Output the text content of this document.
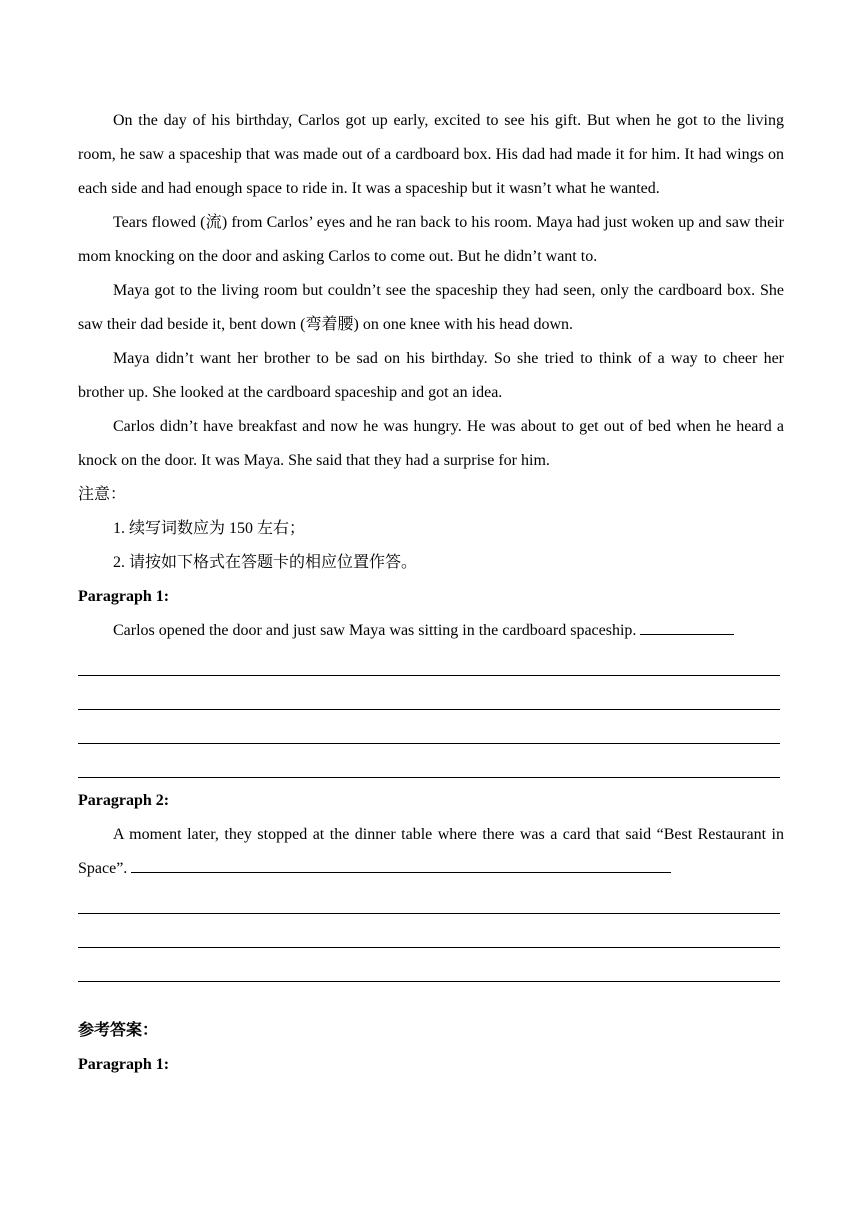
On the day of his birthday, Carlos got up early, excited to see his gift. But when he got to the living room, he saw a spaceship that was made out of a cardboard box. His dad had made it for him. It had wings on each side and had enough space to ride in. It was a spaceship but it wasn’t what he wanted.

Tears flowed (流) from Carlos’ eyes and he ran back to his room. Maya had just woken up and saw their mom knocking on the door and asking Carlos to come out. But he didn’t want to.

Maya got to the living room but couldn’t see the spaceship they had seen, only the cardboard box. She saw their dad beside it, bent down (弯着腰) on one knee with his head down.

Maya didn’t want her brother to be sad on his birthday. So she tried to think of a way to cheer her brother up. She looked at the cardboard spaceship and got an idea.

Carlos didn’t have breakfast and now he was hungry. He was about to get out of bed when he heard a knock on the door. It was Maya. She said that they had a surprise for him.

注意：

1. 续写词数应为 150 左右；

2. 请按如下格式在答题卡的相应位置作答。

Paragraph 1:

Carlos opened the door and just saw Maya was sitting in the cardboard spaceship.

Paragraph 2:

A moment later, they stopped at the dinner table where there was a card that said “Best Restaurant in Space”.

参考答案：

Paragraph 1:
